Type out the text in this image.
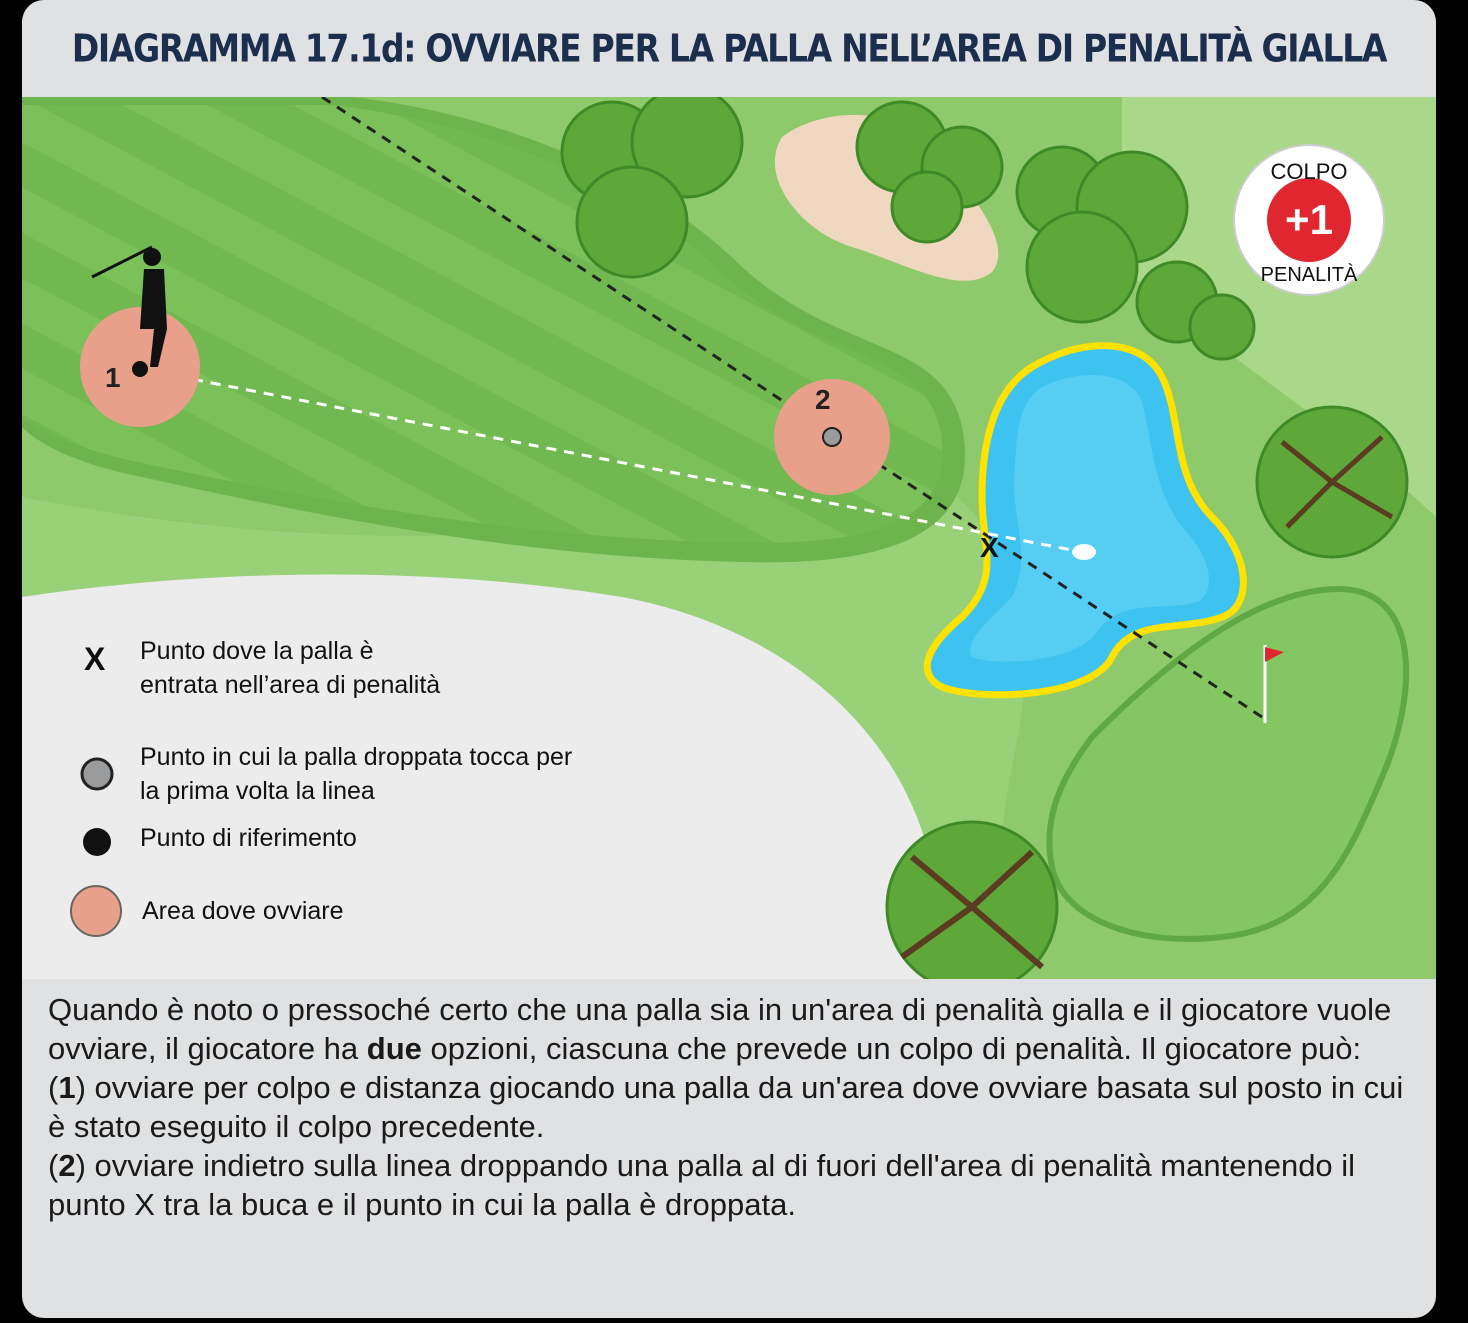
DIAGRAMMA 17.1d: OVVIARE PER LA PALLA NELL’AREA DI PENALITÀ GIALLA
1
2
X
+1
COLPO
PENALITÀ
X Punto dove la palla è
entrata nell’area di penalità
Punto in cui la palla droppata tocca per
la prima volta la linea
Punto di riferimento
Area dove ovviare
Quando è noto o pressoché certo che una palla sia in un'area di penalità gialla e il giocatore vuole ovviare, il giocatore ha due opzioni, ciascuna che prevede un colpo di penalità. Il giocatore può:
(1) ovviare per colpo e distanza giocando una palla da un'area dove ovviare basata sul posto in cui è stato eseguito il colpo precedente.
(2) ovviare indietro sulla linea droppando una palla al di fuori dell'area di penalità mantenendo il punto X tra la buca e il punto in cui la palla è droppata.
